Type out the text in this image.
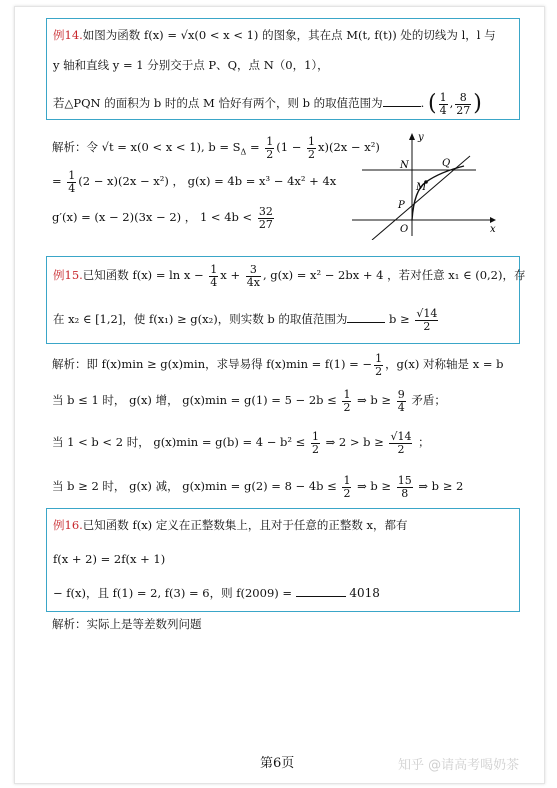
例14.如图为函数 f(x) = √x(0 < x < 1) 的图象，其在点 M(t, f(t)) 处的切线为 l，l 与
y 轴和直线 y = 1 分别交于点 P、Q，点 N（0，1），
若△PQN 的面积为 b 时的点 M 恰好有两个，则 b 的取值范围为	. ( $\frac{1}{4}$ , $\frac{8}{27}$ )
解析：令 √t = x(0 < x < 1), $b = S_\Delta = \frac{1}{2} (1 - \frac{1}{2} x)(2x - x^2)$
= $\frac{1}{4} (2 - x)(2x - x^2)$ ， g(x) = 4b = x³ − 4x² + 4x
g′(x) = (x − 2)(3x − 2) ， $1 < 4b < \frac{32}{27}$
y
x
O
N	Q
M
P
例15.已知函数 $f(x) = \ln x - \frac{1}{4}$ $x + \frac{3}{4x}$ , g(x) = x² − 2bx + 4 ，若对任意 x₁ ∈ (0,2)，存
在 x₂ ∈ [1,2]，使 f(x₁) ≥ g(x₂)，则实数 b 的取值范围为	$b \ge \frac{√14}{2}$
解析：即 f(x)min ≥ g(x)min，求导易得 f(x)min = f(1) = − $\frac{1}{2}$ ，g(x) 对称轴是 x = b
当 b ≤ 1 时， g(x) 增， $g(x)\min = g(1) = 5 - 2b \le \frac{1}{2}$ ⇒ $b \ge \frac{9}{4}$ 矛盾；
当 1 < b < 2 时， $g(x)\min = g(b) = 4 - b^2 \le \frac{1}{2}$ ⇒ $2 > b \ge \frac{√14}{2}$ ；
当 b ≥ 2 时， g(x) 减， $g(x)\min = g(2) = 8 - 4b \le \frac{1}{2}$ ⇒ $b \ge \frac{15}{8}$ ⇒ b ≥ 2
例16.已知函数 f(x) 定义在正整数集上，且对于任意的正整数 x，都有
f(x + 2) = 2f(x + 1)
− f(x)，且 f(1) = 2, f(3) = 6，则 f(2009) =	4018
解析：实际上是等差数列问题
第6页	知乎 @请高考喝奶茶
